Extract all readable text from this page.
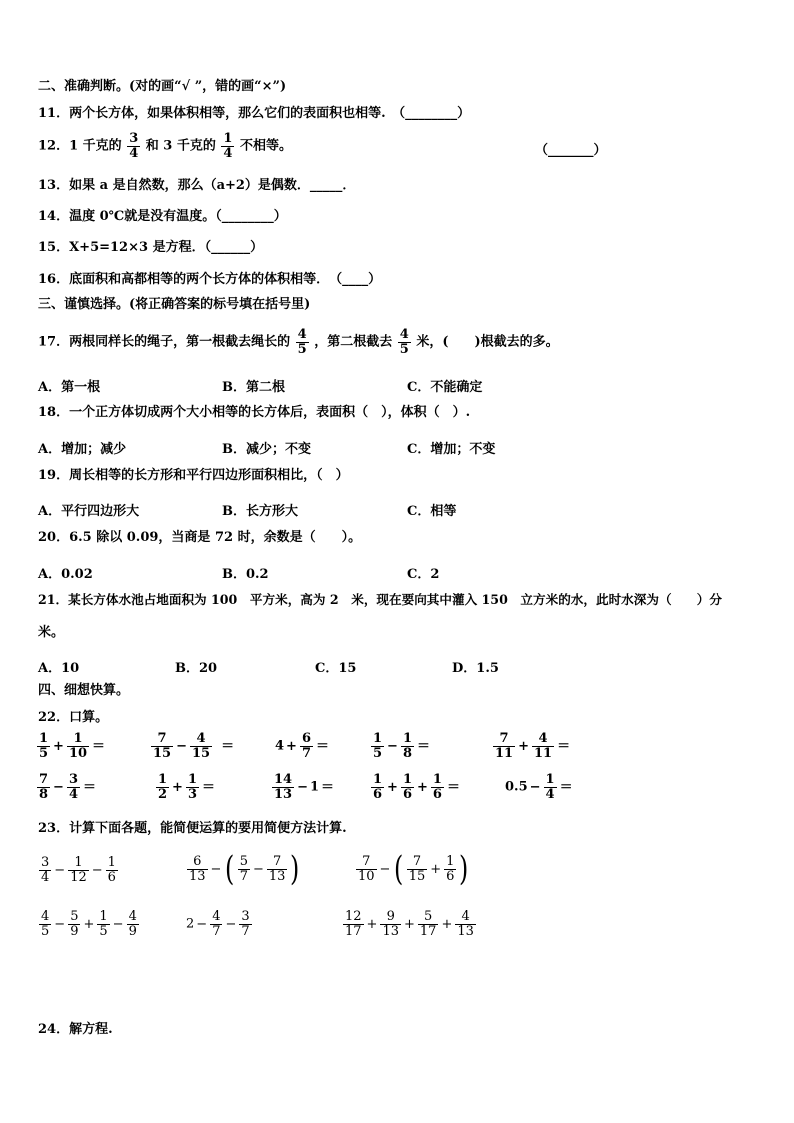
二、准确判断。(对的画“√ ”，错的画“×”)
11．两个长方体，如果体积相等，那么它们的表面积也相等.　（________）
12．1 千克的 $\frac{3}{4}$ 和 3 千克的 $\frac{1}{4}$ 不相等。	（_______）
13．如果 a 是自然数，那么（a+2）是偶数．_____．
14．温度 0℃就是没有温度。（________）
15．X+5=12×3 是方程．（______）
16．底面积和高都相等的两个长方体的体积相等．　（____）
三、谨慎选择。(将正确答案的标号填在括号里)
17．两根同样长的绳子，第一根截去绳长的 $\frac{4}{5}$ ，第二根截去 $\frac{4}{5}$ 米，(　　)根截去的多。
A．第一根	B．第二根	C．不能确定
18．一个正方体切成两个大小相等的长方体后，表面积（　），体积（　）.
A．增加；减少	B．减少；不变	C．增加；不变
19．周长相等的长方形和平行四边形面积相比，（　）
A．平行四边形大	B．长方形大	C．相等
20．6.5 除以 0.09，当商是 72 时，余数是（　　）。
A．0.02	B．0.2	C．2
21．某长方体水池占地面积为 100　平方米，高为 2　米，现在要向其中灌入 150　立方米的水，此时水深为（　　）分
米。
A．10	B．20	C．15	D．1.5
四、细想快算。
22．口算。
$\frac{1}{5} + \frac{1}{10}$ ＝	$\frac{7}{15} - \frac{4}{15}$ ＝	$4 + \frac{6}{7}$ ＝	$\frac{1}{5} - \frac{1}{8}$ ＝	$\frac{7}{11} + \frac{4}{11}$ ＝
$\frac{7}{8} - \frac{3}{4}$ ＝	$\frac{1}{2} + \frac{1}{3}$ ＝	$\frac{14}{13} - 1$ ＝	$\frac{1}{6} + \frac{1}{6} + \frac{1}{6}$ ＝	$0.5 - \frac{1}{4}$ ＝
23．计算下面各题，能简便运算的要用简便方法计算.
$\frac{3}{4} - \frac{1}{12} - \frac{1}{6}$	$\frac{6}{13}$ − ( $\frac{5}{7} - \frac{7}{13}$ )	$\frac{7}{10}$ − ( $\frac{7}{15} + \frac{1}{6}$ )
$\frac{4}{5} - \frac{5}{9} + \frac{1}{5} - \frac{4}{9}$	$2 - \frac{4}{7} - \frac{3}{7}$	$\frac{12}{17} + \frac{9}{13} + \frac{5}{17} + \frac{4}{13}$
24．解方程.
